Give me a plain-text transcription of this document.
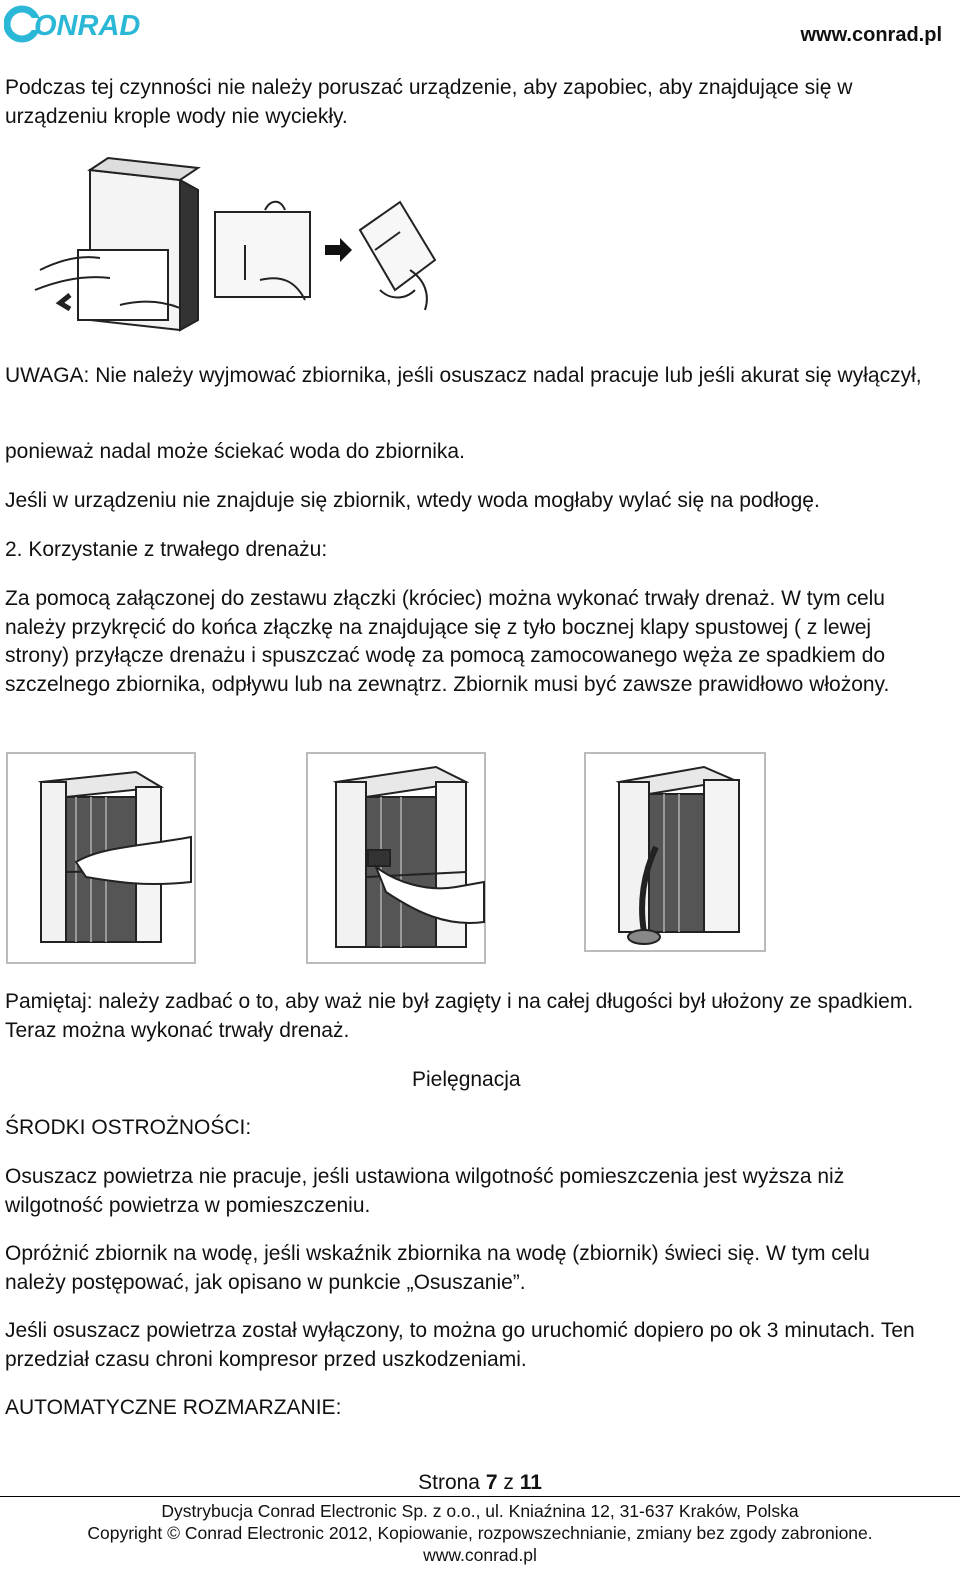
ONRAD	www.conrad.pl
Podczas tej czynności nie należy poruszać urządzenie, aby zapobiec, aby znajdujące się w urządzeniu krople wody nie wyciekły.
UWAGA: Nie należy wyjmować zbiornika, jeśli osuszacz nadal pracuje lub jeśli akurat się wyłączył,
ponieważ nadal może ściekać woda do zbiornika.
Jeśli w urządzeniu nie znajduje się zbiornik, wtedy woda mogłaby wylać się na podłogę.
2. Korzystanie z trwałego drenażu:
Za pomocą załączonej do zestawu złączki (króciec) można wykonać trwały drenaż. W tym celu należy przykręcić do końca złączkę na znajdujące się z tyło bocznej klapy spustowej ( z lewej strony) przyłącze drenażu i spuszczać wodę za pomocą zamocowanego węża ze spadkiem do szczelnego zbiornika, odpływu lub na zewnątrz. Zbiornik musi być zawsze prawidłowo włożony.
Pamiętaj: należy zadbać o to, aby waż nie był zagięty i na całej długości był ułożony ze spadkiem. Teraz można wykonać trwały drenaż.
Pielęgnacja
ŚRODKI OSTROŻNOŚCI:
Osuszacz powietrza nie pracuje, jeśli ustawiona wilgotność pomieszczenia jest wyższa niż wilgotność powietrza w pomieszczeniu.
Opróżnić zbiornik na wodę, jeśli wskaźnik zbiornika na wodę (zbiornik) świeci się. W tym celu należy postępować, jak opisano w punkcie „Osuszanie”.
Jeśli osuszacz powietrza został wyłączony, to można go uruchomić dopiero po ok 3 minutach. Ten przedział czasu chroni kompresor przed uszkodzeniami.
AUTOMATYCZNE ROZMARZANIE:
Strona 7 z 11
Dystrybucja Conrad Electronic Sp. z o.o., ul. Kniaźnina 12, 31-637 Kraków, Polska
Copyright © Conrad Electronic 2012, Kopiowanie, rozpowszechnianie, zmiany bez zgody zabronione.
www.conrad.pl
